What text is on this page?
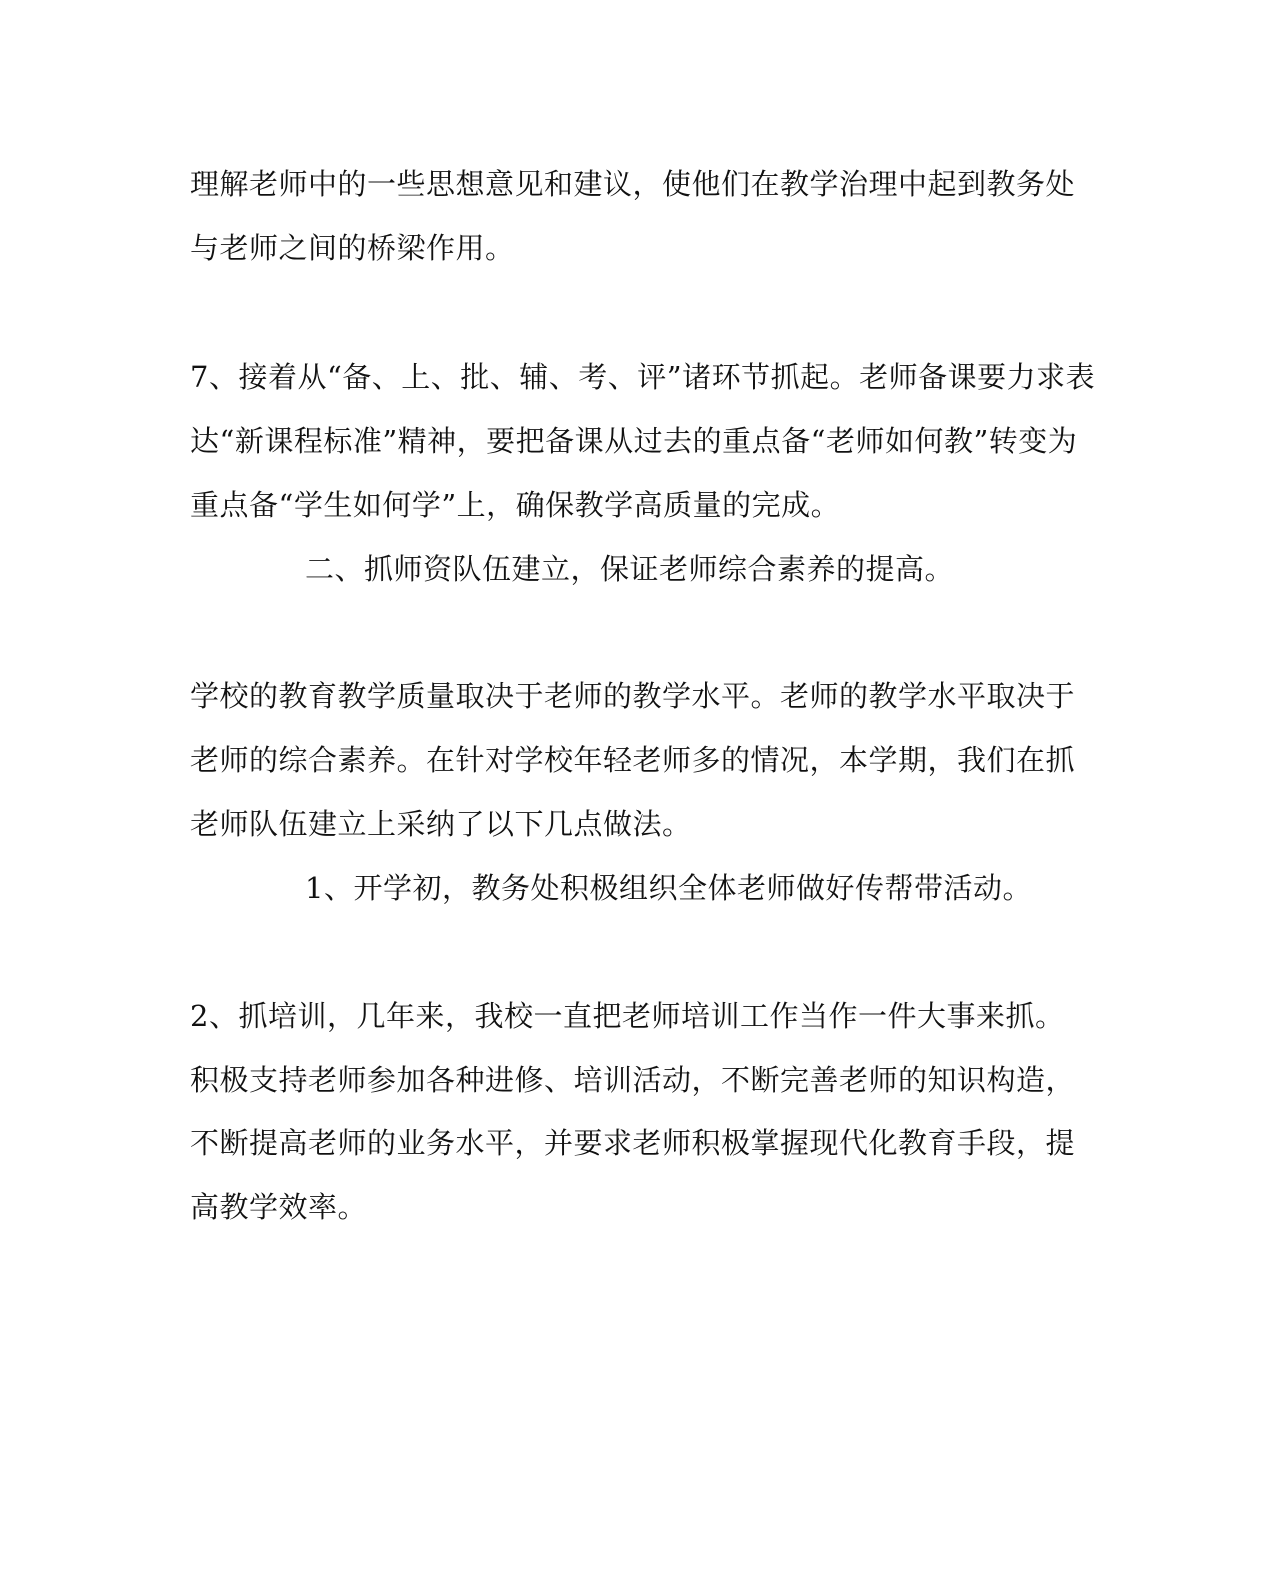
理解老师中的一些思想意见和建议，使他们在教学治理中起到教务处
与老师之间的桥梁作用。
7、接着从“备、上、批、辅、考、评”诸环节抓起。老师备课要力求表
达“新课程标准”精神，要把备课从过去的重点备“老师如何教”转变为
重点备“学生如何学”上，确保教学高质量的完成。
二、抓师资队伍建立，保证老师综合素养的提高。
学校的教育教学质量取决于老师的教学水平。老师的教学水平取决于
老师的综合素养。在针对学校年轻老师多的情况，本学期，我们在抓
老师队伍建立上采纳了以下几点做法。
1、开学初，教务处积极组织全体老师做好传帮带活动。
2、抓培训，几年来，我校一直把老师培训工作当作一件大事来抓。
积极支持老师参加各种进修、培训活动，不断完善老师的知识构造，
不断提高老师的业务水平，并要求老师积极掌握现代化教育手段，提
高教学效率。
